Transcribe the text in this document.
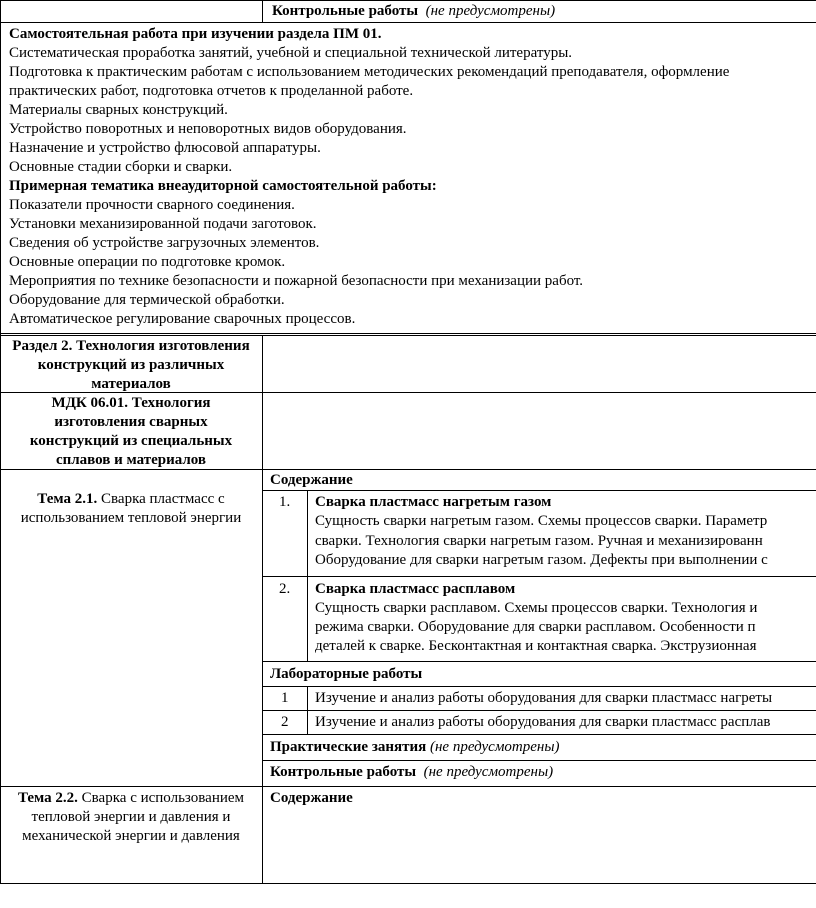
Контрольные работы (не предусмотрены)
Самостоятельная работа при изучении раздела ПМ 01.
Систематическая проработка занятий, учебной и специальной технической литературы.
Подготовка к практическим работам с использованием методических рекомендаций преподавателя, оформление
практических работ, подготовка отчетов к проделанной работе.
Материалы сварных конструкций.
Устройство поворотных и неповоротных видов оборудования.
Назначение и устройство флюсовой аппаратуры.
Основные стадии сборки и сварки.
Примерная тематика внеаудиторной самостоятельной работы:
Показатели прочности сварного соединения.
Установки механизированной подачи заготовок.
Сведения об устройстве загрузочных элементов.
Основные операции по подготовке кромок.
Мероприятия по технике безопасности и пожарной безопасности при механизации работ.
Оборудование для термической обработки.
Автоматическое регулирование сварочных процессов.
Раздел 2. Технология изготовления конструкций из различных материалов
МДК 06.01. Технология изготовления сварных конструкций из специальных сплавов и материалов
Тема 2.1. Сварка пластмасс с использованием тепловой энергии
Содержание
1. Сварка пластмасс нагретым газом
Сущность сварки нагретым газом. Схемы процессов сварки. Параметр
сварки. Технология сварки нагретым газом. Ручная и механизированн
Оборудование для сварки нагретым газом. Дефекты при выполнении с
2. Сварка пластмасс расплавом
Сущность сварки расплавом. Схемы процессов сварки. Технология и
режима сварки. Оборудование для сварки расплавом. Особенности п
деталей к сварке. Бесконтактная и контактная сварка. Экструзионная
Лабораторные работы
1 Изучение и анализ работы оборудования для сварки пластмасс нагреты
2 Изучение и анализ работы оборудования для сварки пластмасс расплав
Практические занятия (не предусмотрены)
Контрольные работы (не предусмотрены)
Тема 2.2. Сварка с использованием тепловой энергии и давления и механической энергии и давления
Содержание
